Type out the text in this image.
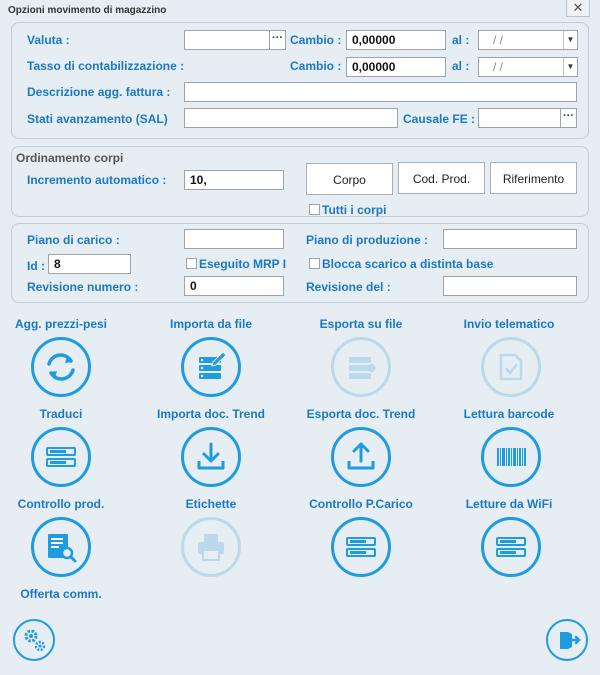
Opzioni movimento di magazzino	✕
Valuta :	··· Cambio : 0,00000	al :	/ /	▼
Tasso di contabilizzazione :	Cambio : 0,00000	al :	/ /	▼
Descrizione agg. fattura :
Stati avanzamento (SAL)	Causale FE :	···
Ordinamento corpi
Incremento automatico :	10,	Corpo	Cod. Prod.	Riferimento
Tutti i corpi
Piano di carico :	Piano di produzione :
Id : 8	Eseguito MRP I	Blocca scarico a distinta base
Revisione numero :	0	Revisione del :
Agg. prezzi-pesi	Importa da file	Esporta su file	Invio telematico
Traduci	Importa doc. Trend	Esporta doc. Trend	Lettura barcode
Controllo prod.	Etichette	Controllo P.Carico	Letture da WiFi
Offerta comm.
